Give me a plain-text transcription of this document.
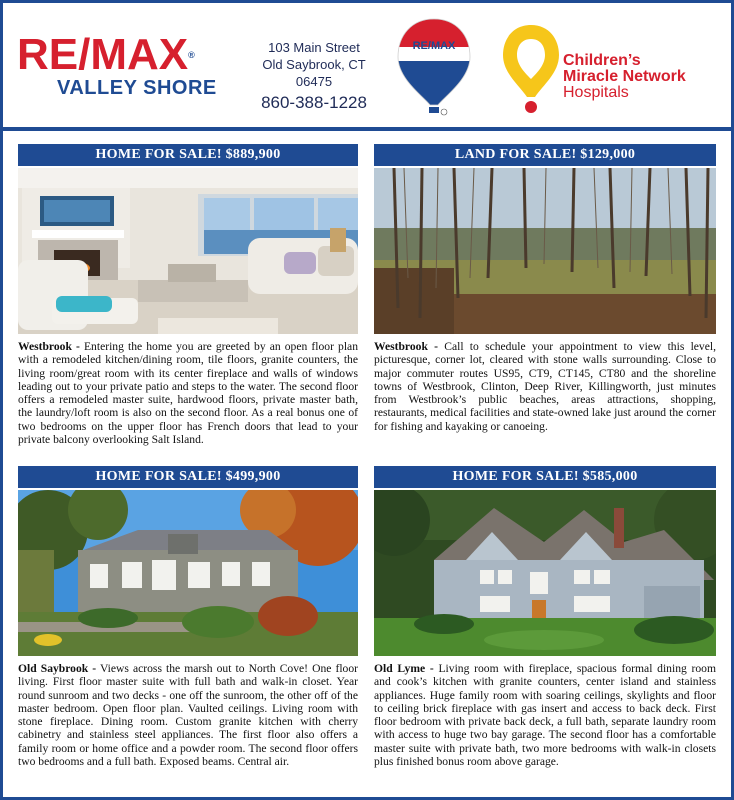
RE/MAX®
VALLEY SHORE
103 Main Street
Old Saybrook, CT 06475
860-388-1228
RE/MAX
Children’s
Miracle Network
Hospitals
HOME FOR SALE! $889,900
Westbrook - Entering the home you are greeted by an open floor plan with a remodeled kitchen/dining room, tile floors, granite counters, the living room/great room with its center fireplace and walls of windows leading out to your private patio and steps to the water. The second floor offers a remodeled master suite, hardwood floors, private master bath, the laundry/loft room is also on the second floor. As a real bonus one of two bedrooms on the upper floor has French doors that lead to your private balcony overlooking Salt Island.
LAND FOR SALE! $129,000
Westbrook - Call to schedule your appointment to view this level, picturesque, corner lot, cleared with stone walls surrounding. Close to major commuter routes US95, CT9, CT145, CT80 and the shoreline towns of Westbrook, Clinton, Deep River, Killingworth, just minutes from Westbrook’s public beaches, areas attractions, shopping, restaurants, medical facilities and state-owned lake just around the corner for fishing and kayaking or canoeing.
HOME FOR SALE! $499,900
Old Saybrook - Views across the marsh out to North Cove! One floor living. First floor master suite with full bath and walk-in closet. Year round sunroom and two decks - one off the sunroom, the other off of the master bedroom. Open floor plan. Vaulted ceilings. Living room with stone fireplace. Dining room. Custom granite kitchen with cherry cabinetry and stainless steel appliances. The first floor also offers a family room or home office and a powder room. The second floor offers two bedrooms and a full bath. Exposed beams. Central air.
HOME FOR SALE! $585,000
Old Lyme - Living room with fireplace, spacious formal dining room and cook’s kitchen with granite counters, center island and stainless appliances. Huge family room with soaring ceilings, skylights and floor to ceiling brick fireplace with gas insert and access to back deck. First floor bedroom with private back deck, a full bath, separate laundry room with access to huge two bay garage. The second floor has a comfortable master suite with private bath, two more bedrooms with walk-in closets plus finished bonus room above garage.
